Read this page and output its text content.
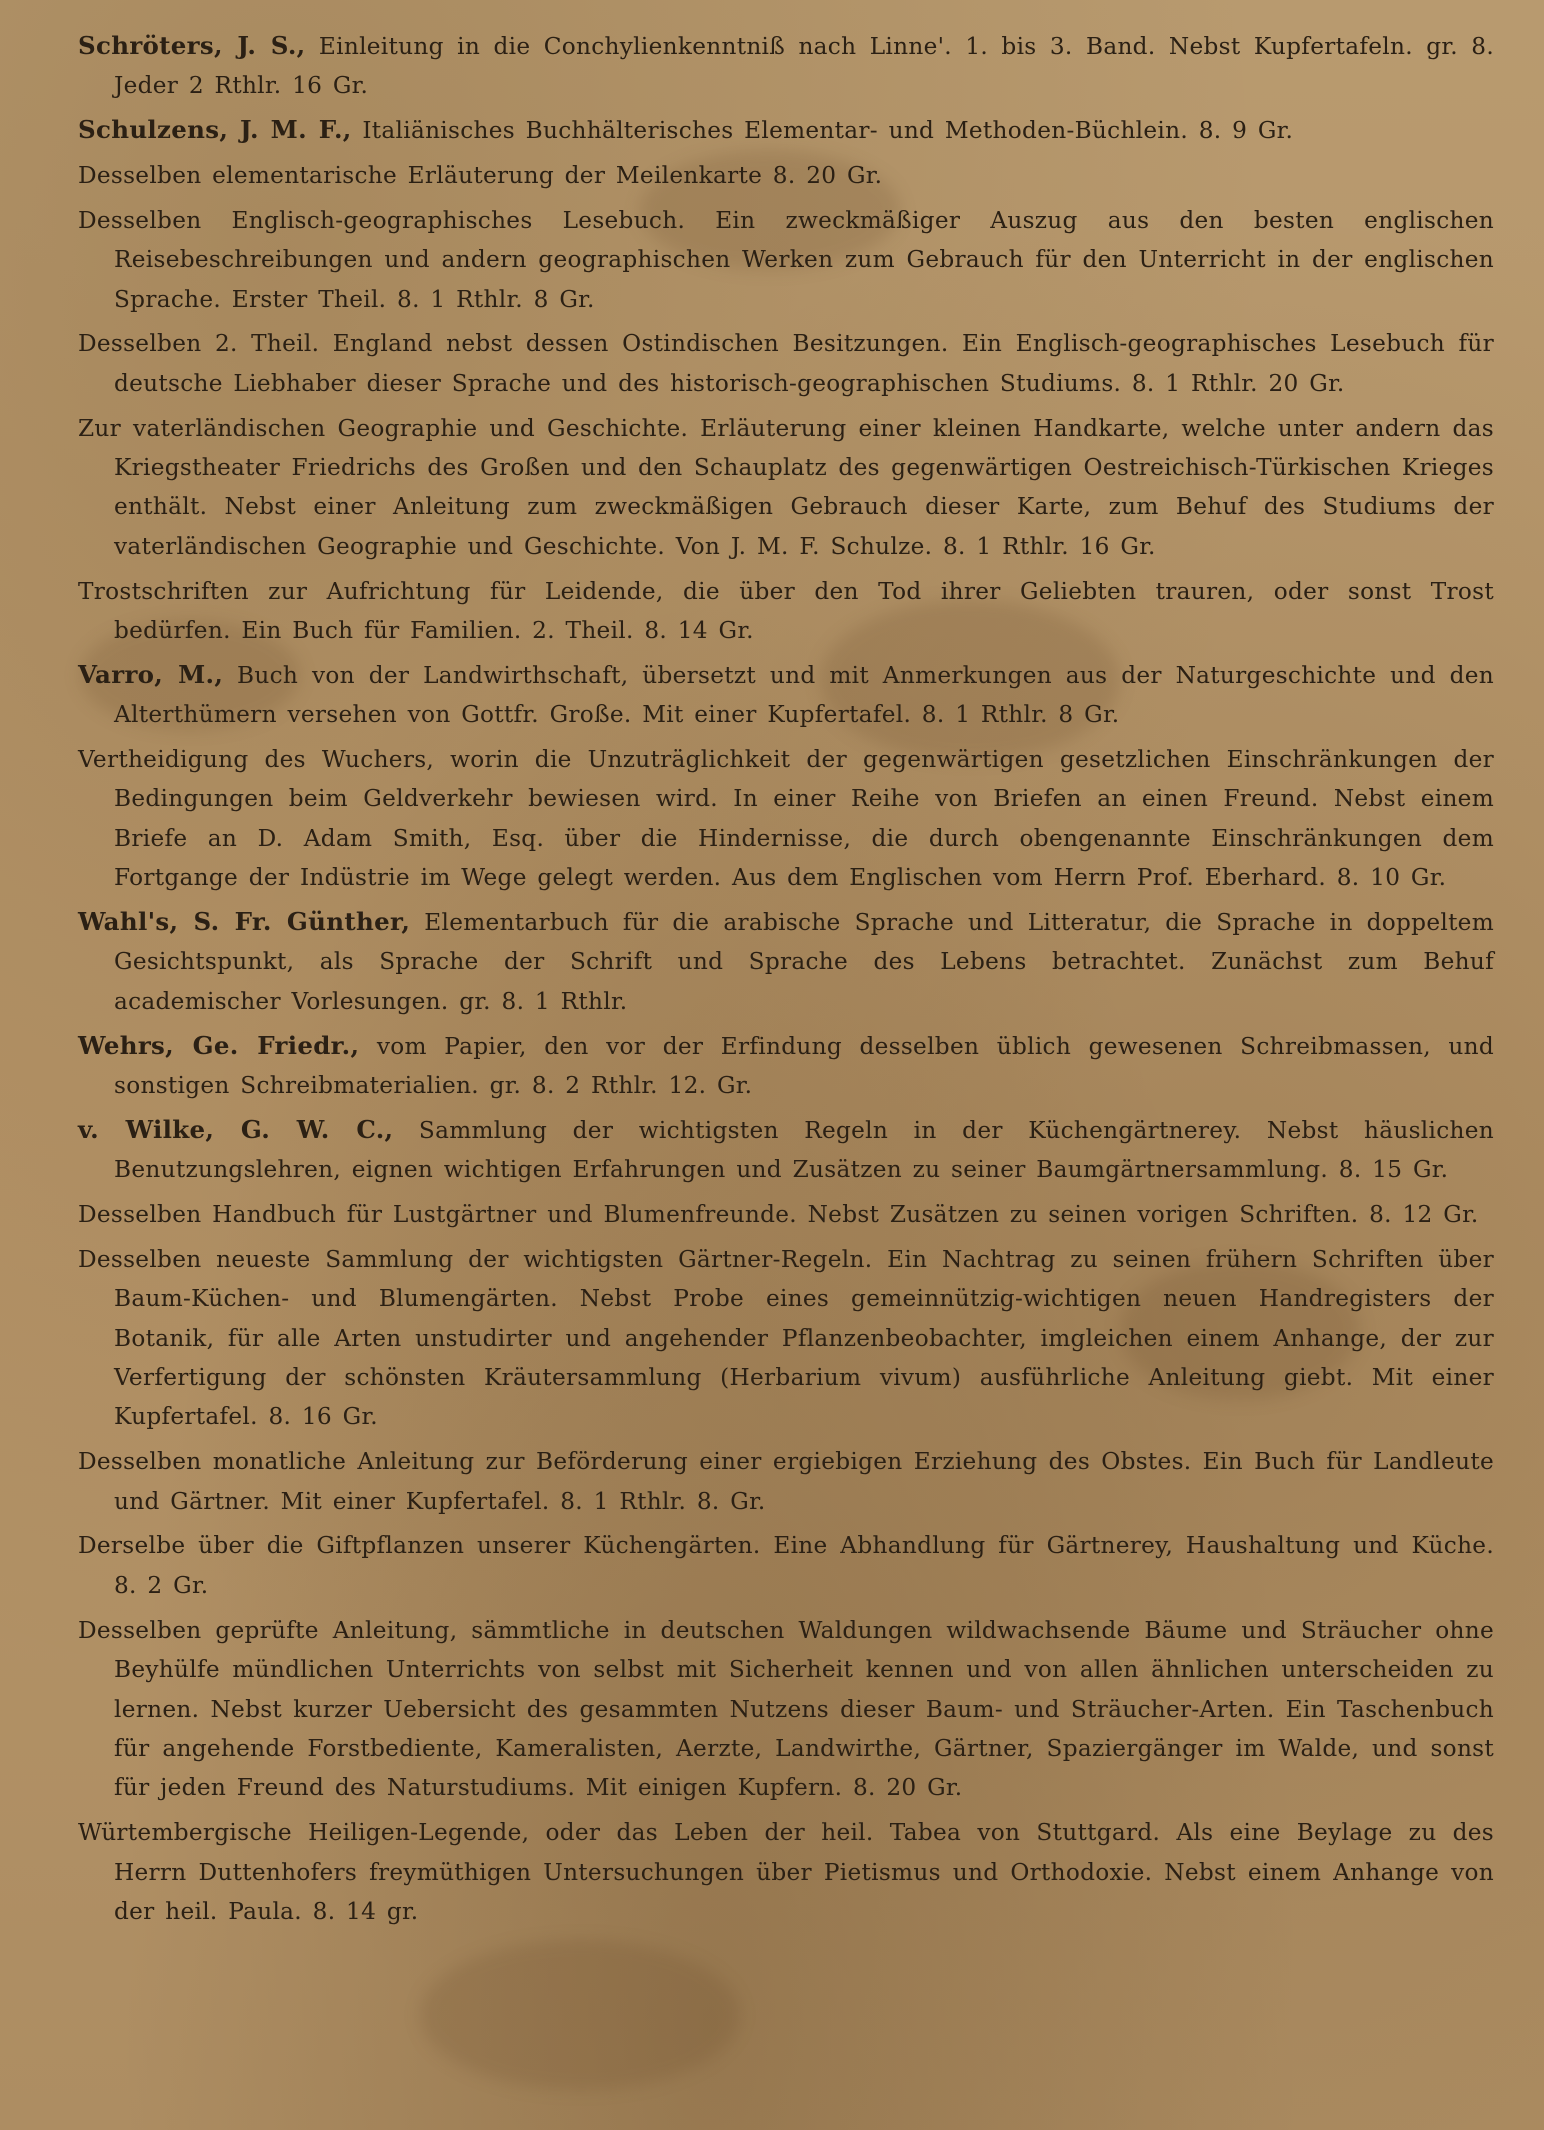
Schröters, J. S., Einleitung in die Conchylienkenntniß nach Linne'. 1. bis 3. Band. Nebst Kupfertafeln. gr. 8. Jeder 2 Rthlr. 16 Gr.

Schulzens, J. M. F., Italiänisches Buchhälterisches Elementar- und Methoden-Büchlein. 8. 9 Gr.

Desselben elementarische Erläuterung der Meilenkarte 8. 20 Gr.

Desselben Englisch-geographisches Lesebuch. Ein zweckmäßiger Auszug aus den besten englischen Reisebeschreibungen und andern geographischen Werken zum Gebrauch für den Unterricht in der englischen Sprache. Erster Theil. 8. 1 Rthlr. 8 Gr.

Desselben 2. Theil. England nebst dessen Ostindischen Besitzungen. Ein Englisch-geographisches Lesebuch für deutsche Liebhaber dieser Sprache und des historisch-geographischen Studiums. 8. 1 Rthlr. 20 Gr.

Zur vaterländischen Geographie und Geschichte. Erläuterung einer kleinen Handkarte, welche unter andern das Kriegstheater Friedrichs des Großen und den Schauplatz des gegenwärtigen Oestreichisch-Türkischen Krieges enthält. Nebst einer Anleitung zum zweckmäßigen Gebrauch dieser Karte, zum Behuf des Studiums der vaterländischen Geographie und Geschichte. Von J. M. F. Schulze. 8. 1 Rthlr. 16 Gr.

Trostschriften zur Aufrichtung für Leidende, die über den Tod ihrer Geliebten trauren, oder sonst Trost bedürfen. Ein Buch für Familien. 2. Theil. 8. 14 Gr.

Varro, M., Buch von der Landwirthschaft, übersetzt und mit Anmerkungen aus der Naturgeschichte und den Alterthümern versehen von Gottfr. Große. Mit einer Kupfertafel. 8. 1 Rthlr. 8 Gr.

Vertheidigung des Wuchers, worin die Unzuträglichkeit der gegenwärtigen gesetzlichen Einschränkungen der Bedingungen beim Geldverkehr bewiesen wird. In einer Reihe von Briefen an einen Freund. Nebst einem Briefe an D. Adam Smith, Esq. über die Hindernisse, die durch obengenannte Einschränkungen dem Fortgange der Indüstrie im Wege gelegt werden. Aus dem Englischen vom Herrn Prof. Eberhard. 8. 10 Gr.

Wahl's, S. Fr. Günther, Elementarbuch für die arabische Sprache und Litteratur, die Sprache in doppeltem Gesichtspunkt, als Sprache der Schrift und Sprache des Lebens betrachtet. Zunächst zum Behuf academischer Vorlesungen. gr. 8. 1 Rthlr.

Wehrs, Ge. Friedr., vom Papier, den vor der Erfindung desselben üblich gewesenen Schreibmassen, und sonstigen Schreibmaterialien. gr. 8. 2 Rthlr. 12. Gr.

v. Wilke, G. W. C., Sammlung der wichtigsten Regeln in der Küchengärtnerey. Nebst häuslichen Benutzungslehren, eignen wichtigen Erfahrungen und Zusätzen zu seiner Baumgärtnersammlung. 8. 15 Gr.

Desselben Handbuch für Lustgärtner und Blumenfreunde. Nebst Zusätzen zu seinen vorigen Schriften. 8. 12 Gr.

Desselben neueste Sammlung der wichtigsten Gärtner-Regeln. Ein Nachtrag zu seinen frühern Schriften über Baum-Küchen- und Blumengärten. Nebst Probe eines gemeinnützig-wichtigen neuen Handregisters der Botanik, für alle Arten unstudirter und angehender Pflanzenbeobachter, imgleichen einem Anhange, der zur Verfertigung der schönsten Kräutersammlung (Herbarium vivum) ausführliche Anleitung giebt. Mit einer Kupfertafel. 8. 16 Gr.

Desselben monatliche Anleitung zur Beförderung einer ergiebigen Erziehung des Obstes. Ein Buch für Landleute und Gärtner. Mit einer Kupfertafel. 8. 1 Rthlr. 8. Gr.

Derselbe über die Giftpflanzen unserer Küchengärten. Eine Abhandlung für Gärtnerey, Haushaltung und Küche. 8. 2 Gr.

Desselben geprüfte Anleitung, sämmtliche in deutschen Waldungen wildwachsende Bäume und Sträucher ohne Beyhülfe mündlichen Unterrichts von selbst mit Sicherheit kennen und von allen ähnlichen unterscheiden zu lernen. Nebst kurzer Uebersicht des gesammten Nutzens dieser Baum- und Sträucher-Arten. Ein Taschenbuch für angehende Forstbediente, Kameralisten, Aerzte, Landwirthe, Gärtner, Spaziergänger im Walde, und sonst für jeden Freund des Naturstudiums. Mit einigen Kupfern. 8. 20 Gr.

Würtembergische Heiligen-Legende, oder das Leben der heil. Tabea von Stuttgard. Als eine Beylage zu des Herrn Duttenhofers freymüthigen Untersuchungen über Pietismus und Orthodoxie. Nebst einem Anhange von der heil. Paula. 8. 14 gr.
